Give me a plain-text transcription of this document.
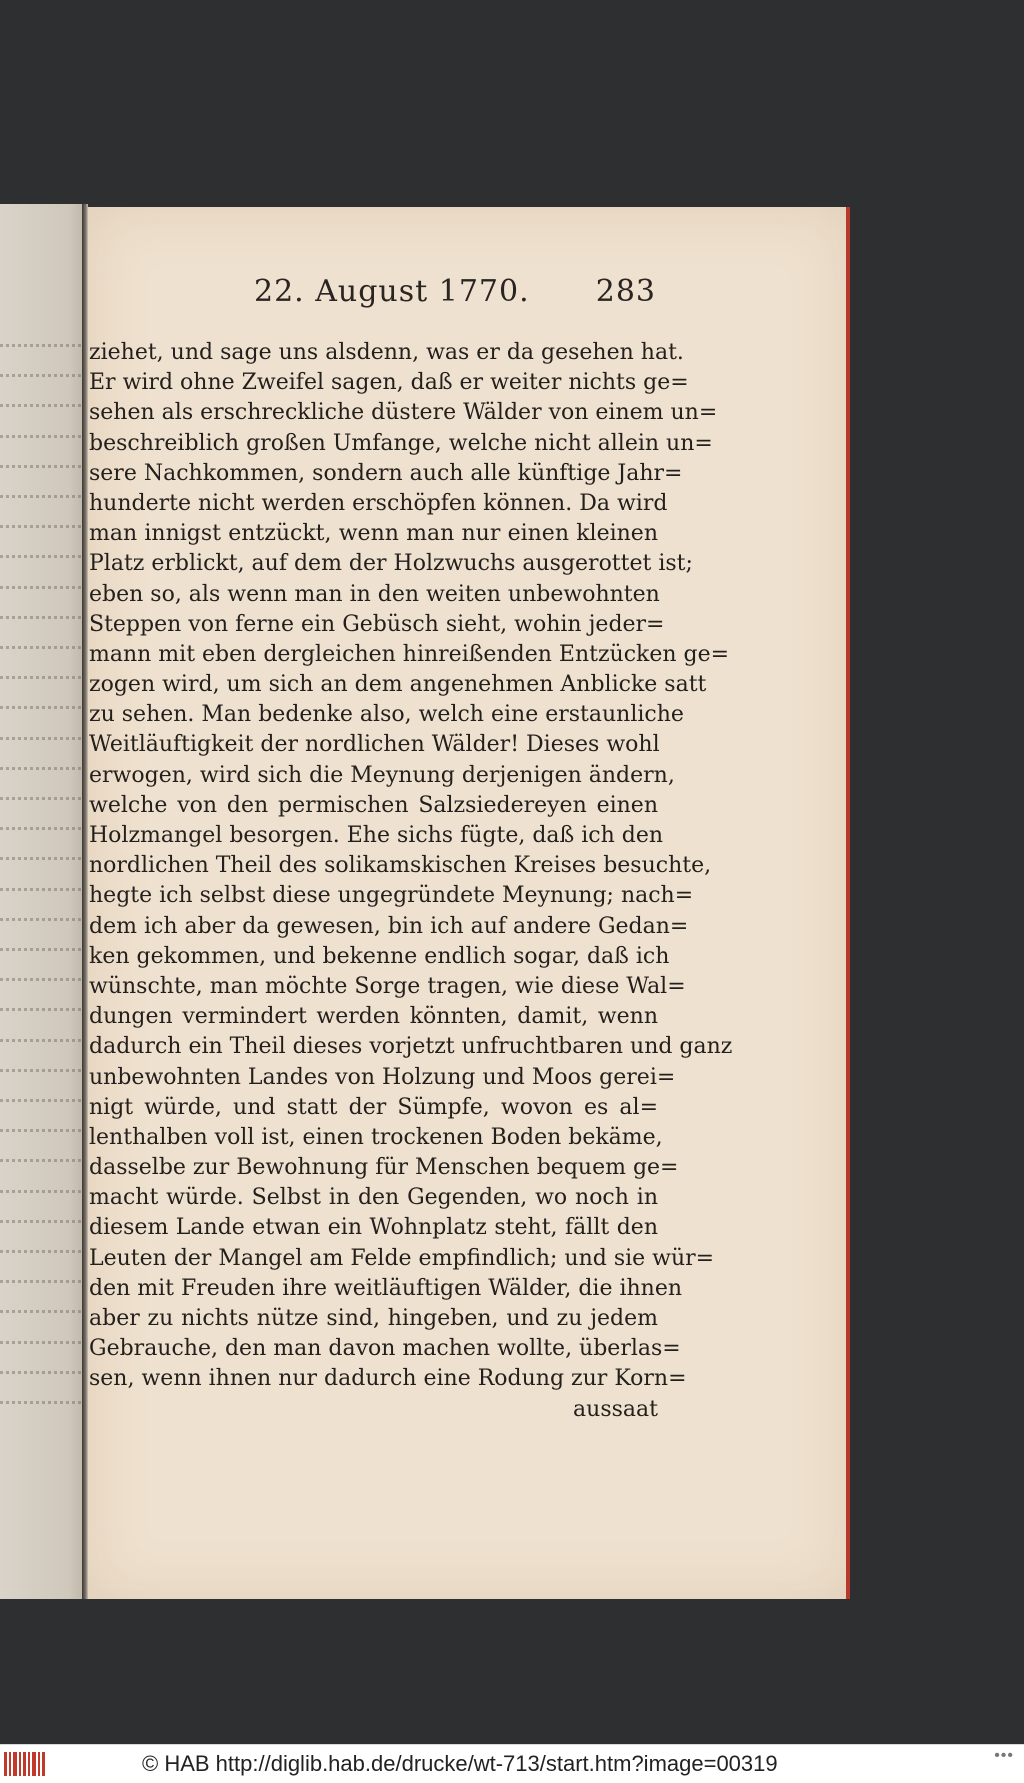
22. August 1770. 283
ziehet, und sage uns alsdenn, was er da gesehen hat.
Er wird ohne Zweifel sagen, daß er weiter nichts ge=
sehen als erschreckliche düstere Wälder von einem un=
beschreiblich großen Umfange, welche nicht allein un=
sere Nachkommen, sondern auch alle künftige Jahr=
hunderte nicht werden erschöpfen können. Da wird
man innigst entzückt, wenn man nur einen kleinen
Platz erblickt, auf dem der Holzwuchs ausgerottet ist;
eben so, als wenn man in den weiten unbewohnten
Steppen von ferne ein Gebüsch sieht, wohin jeder=
mann mit eben dergleichen hinreißenden Entzücken ge=
zogen wird, um sich an dem angenehmen Anblicke satt
zu sehen. Man bedenke also, welch eine erstaunliche
Weitläuftigkeit der nordlichen Wälder! Dieses wohl
erwogen, wird sich die Meynung derjenigen ändern,
welche von den permischen Salzsiedereyen einen
Holzmangel besorgen. Ehe sichs fügte, daß ich den
nordlichen Theil des solikamskischen Kreises besuchte,
hegte ich selbst diese ungegründete Meynung; nach=
dem ich aber da gewesen, bin ich auf andere Gedan=
ken gekommen, und bekenne endlich sogar, daß ich
wünschte, man möchte Sorge tragen, wie diese Wal=
dungen vermindert werden könnten, damit, wenn
dadurch ein Theil dieses vorjetzt unfruchtbaren und ganz
unbewohnten Landes von Holzung und Moos gerei=
nigt würde, und statt der Sümpfe, wovon es al=
lenthalben voll ist, einen trockenen Boden bekäme,
dasselbe zur Bewohnung für Menschen bequem ge=
macht würde. Selbst in den Gegenden, wo noch in
diesem Lande etwan ein Wohnplatz steht, fällt den
Leuten der Mangel am Felde empfindlich; und sie wür=
den mit Freuden ihre weitläuftigen Wälder, die ihnen
aber zu nichts nütze sind, hingeben, und zu jedem
Gebrauche, den man davon machen wollte, überlas=
sen, wenn ihnen nur dadurch eine Rodung zur Korn=
aussaat
© HAB http://diglib.hab.de/drucke/wt-713/start.htm?image=00319	•••
